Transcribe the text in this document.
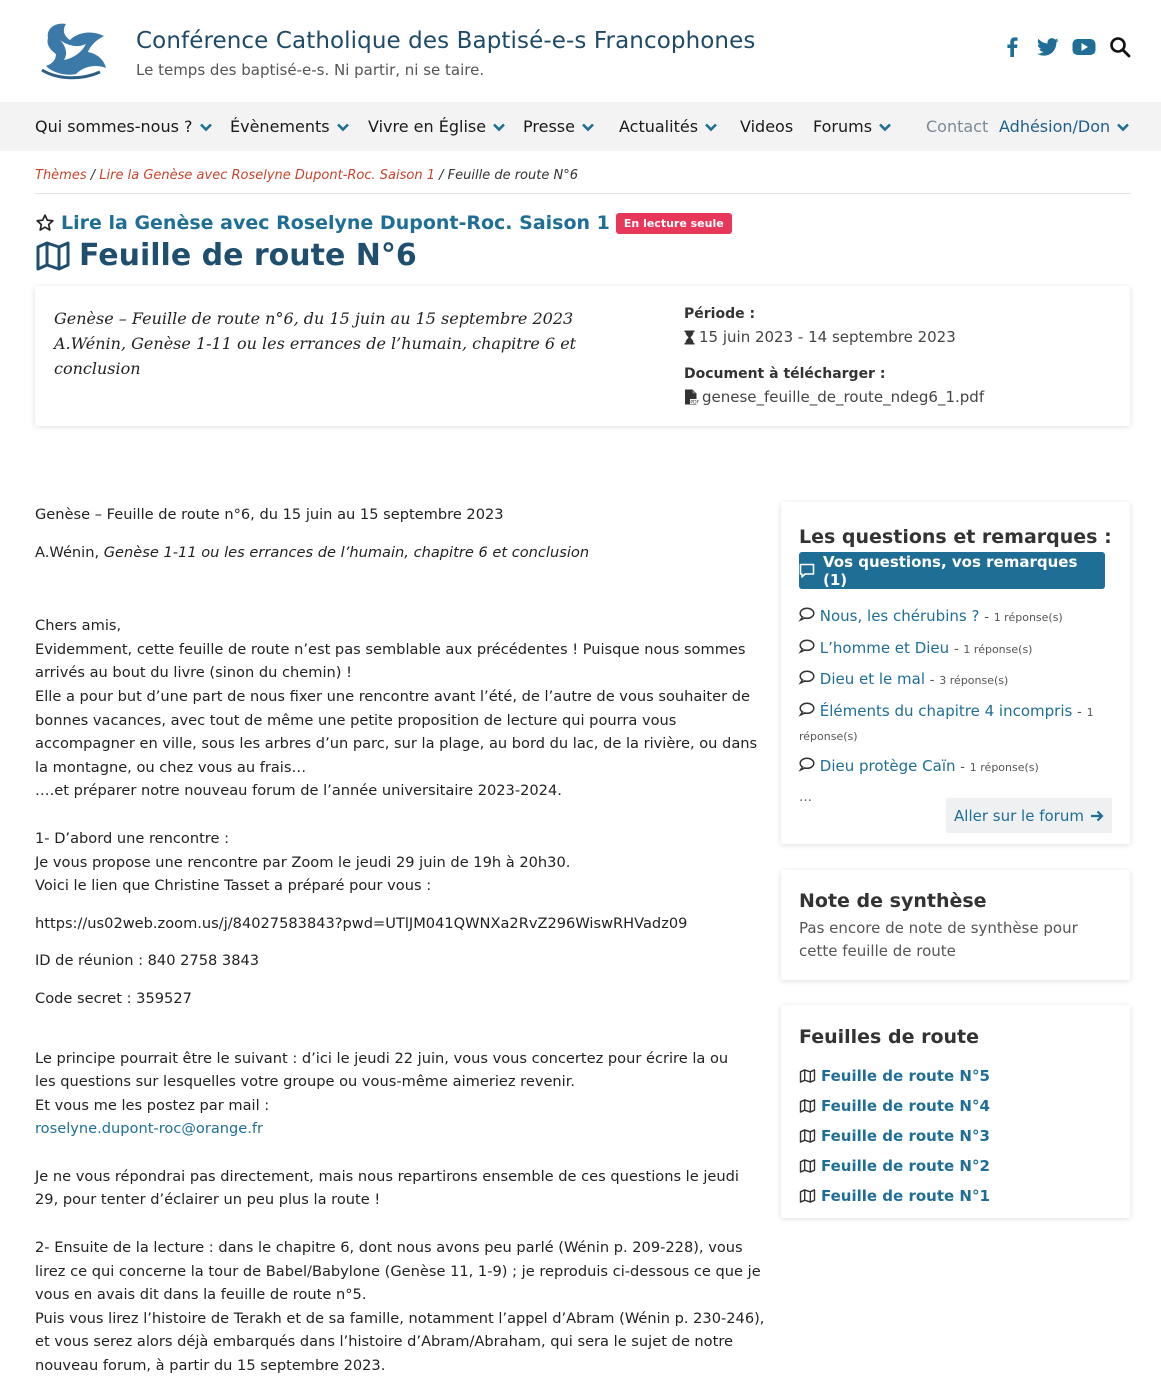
Conférence Catholique des Baptisé-e-s Francophones
Le temps des baptisé-e-s. Ni partir, ni se taire.
Qui sommes-nous ? Évènements Vivre en Église Presse	Actualités	Videos Forums	Contact Adhésion/Don
Thèmes / Lire la Genèse avec Roselyne Dupont-Roc. Saison 1 / Feuille de route N°6
Lire la Genèse avec Roselyne Dupont-Roc. Saison 1	En lecture seule
Feuille de route N°6
Genèse – Feuille de route n°6, du 15 juin au 15 septembre 2023 A.Wénin, Genèse 1-11 ou les errances de l’humain, chapitre 6 et conclusion
Période :
15 juin 2023 - 14 septembre 2023
Document à télécharger :
PDF genese_feuille_de_route_ndeg6_1.pdf

Genèse – Feuille de route n°6, du 15 juin au 15 septembre 2023

A.Wénin, Genèse 1-11 ou les errances de l’humain, chapitre 6 et conclusion

Chers amis,

Evidemment, cette feuille de route n’est pas semblable aux précédentes ! Puisque nous sommes arrivés au bout du livre (sinon du chemin) !

Elle a pour but d’une part de nous fixer une rencontre avant l’été, de l’autre de vous souhaiter de bonnes vacances, avec tout de même une petite proposition de lecture qui pourra vous accompagner en ville, sous les arbres d’un parc, sur la plage, au bord du lac, de la rivière, ou dans la montagne, ou chez vous au frais…

….et préparer notre nouveau forum de l’année universitaire 2023-2024.

1- D’abord une rencontre :

Je vous propose une rencontre par Zoom le jeudi 29 juin de 19h à 20h30.

Voici le lien que Christine Tasset a préparé pour vous :

https://us02web.zoom.us/j/84027583843?pwd=UTlJM041QWNXa2RvZ296WiswRHVadz09

ID de réunion : 840 2758 3843

Code secret : 359527

Le principe pourrait être le suivant : d’ici le jeudi 22 juin, vous vous concertez pour écrire la ou

les questions sur lesquelles votre groupe ou vous-même aimeriez revenir.

Et vous me les postez par mail :

roselyne.dupont-roc@orange.fr

Je ne vous répondrai pas directement, mais nous repartirons ensemble de ces questions le jeudi 29, pour tenter d’éclairer un peu plus la route !

2- Ensuite de la lecture : dans le chapitre 6, dont nous avons peu parlé (Wénin p. 209-228), vous lirez ce qui concerne la tour de Babel/Babylone (Genèse 11, 1-9) ; je reproduis ci-dessous ce que je vous en avais dit dans la feuille de route n°5.

Puis vous lirez l’histoire de Terakh et de sa famille, notamment l’appel d’Abram (Wénin p. 230-246), et vous serez alors déjà embarqués dans l’histoire d’Abram/Abraham, qui sera le sujet de notre nouveau forum, à partir du 15 septembre 2023.

Les questions et remarques :
Vos questions, vos remarques (1)
Nous, les chérubins ? - 1 réponse(s)
L’homme et Dieu - 1 réponse(s)
Dieu et le mal - 3 réponse(s)
Éléments du chapitre 4 incompris - 1 réponse(s)
Dieu protège Caïn - 1 réponse(s)
…
Aller sur le forum
Note de synthèse
Pas encore de note de synthèse pour cette feuille de route
Feuilles de route
Feuille de route N°5
Feuille de route N°4
Feuille de route N°3
Feuille de route N°2
Feuille de route N°1
